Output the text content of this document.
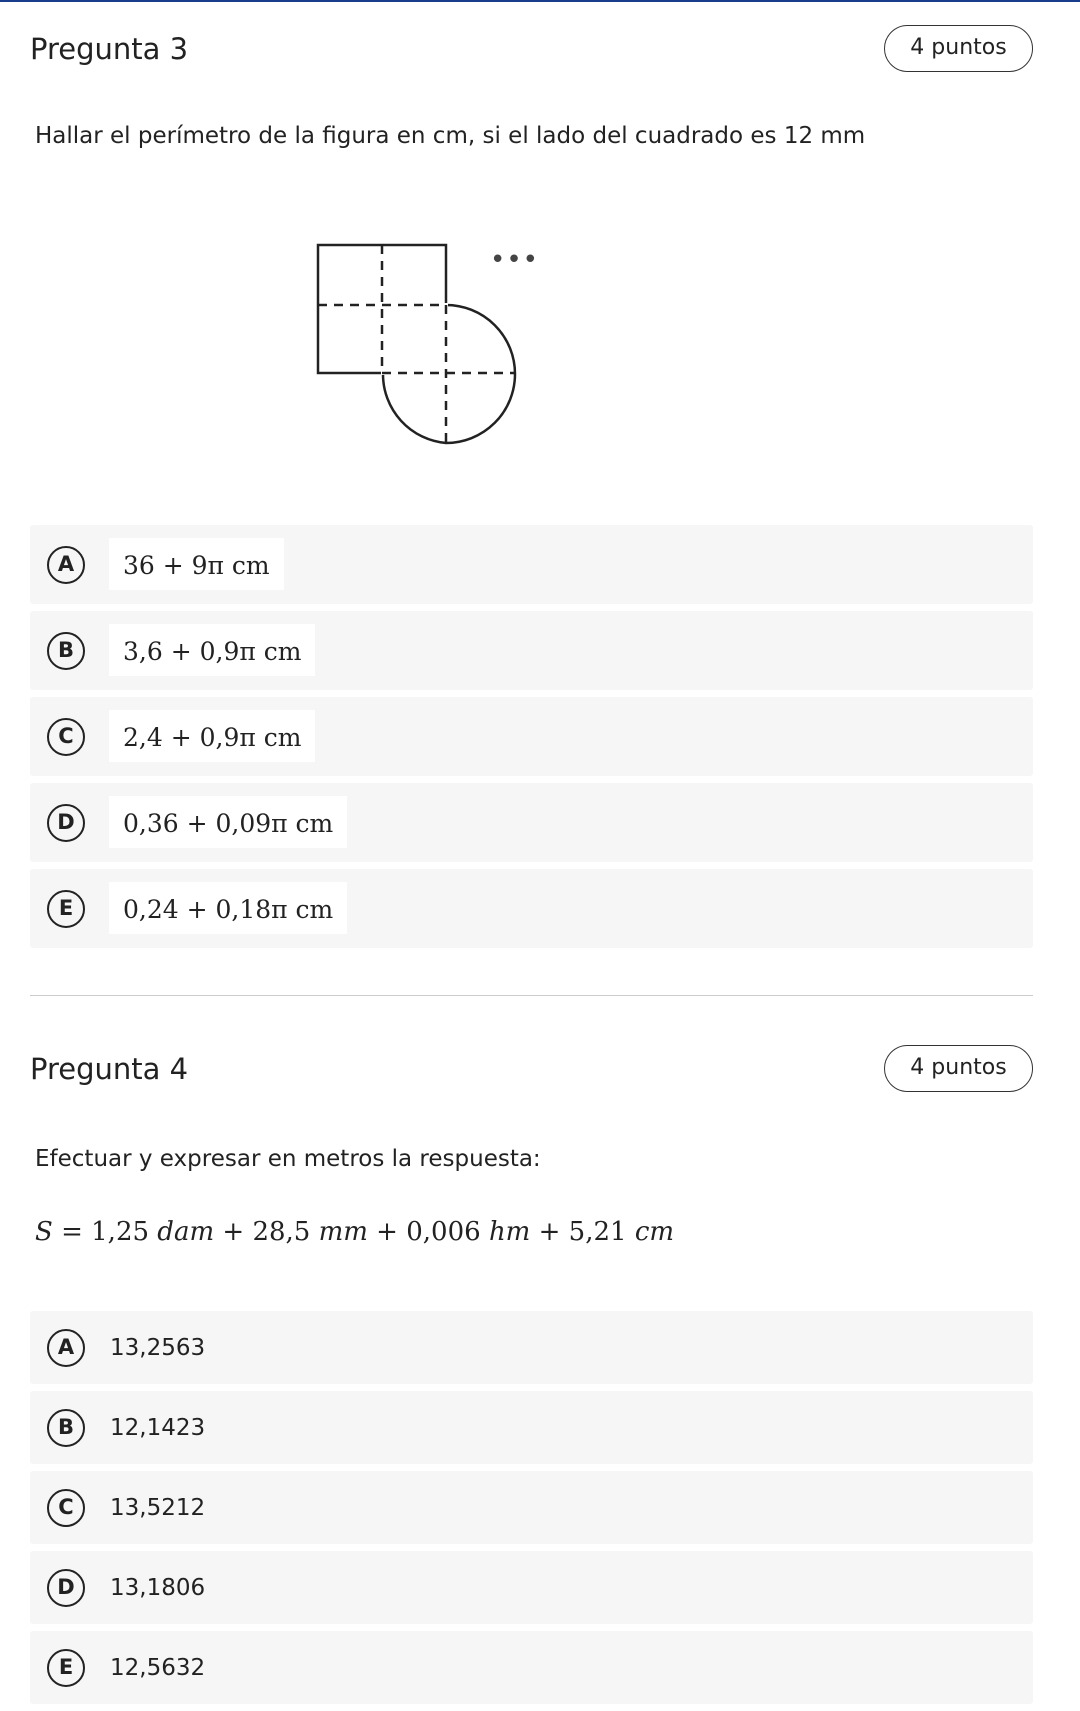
Pregunta 3	4 puntos
Hallar el perímetro de la figura en cm, si el lado del cuadrado es 12 mm
•••
A	36 + 9π cm
B	3,6 + 0,9π cm
C	2,4 + 0,9π cm
D	0,36 + 0,09π cm
E	0,24 + 0,18π cm
Pregunta 4	4 puntos
Efectuar y expresar en metros la respuesta:
S = 1,25 dam + 28,5 mm + 0,006 hm + 5,21 cm
A	13,2563
B	12,1423
C	13,5212
D	13,1806
E	12,5632
